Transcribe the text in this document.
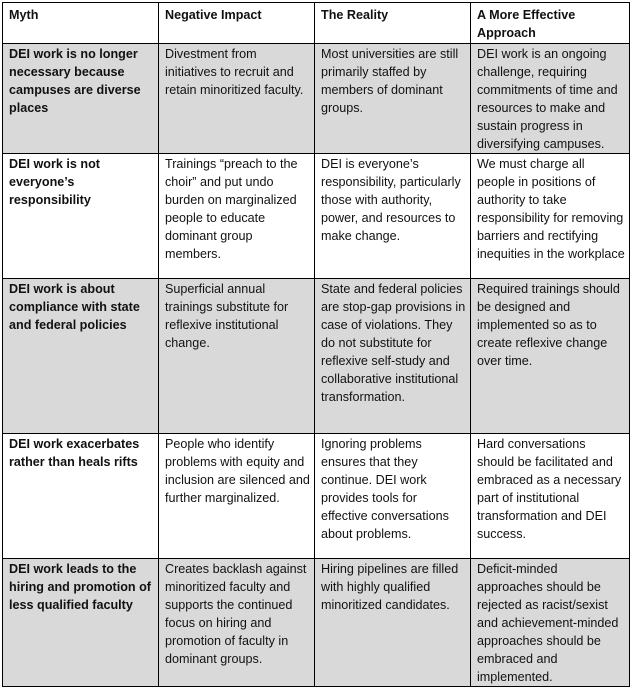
Myth	Negative Impact	The Reality	A More Effective Approach
DEI work is no longer necessary because campuses are diverse places	Divestment from initiatives to recruit and retain minoritized faculty.	Most universities are still primarily staffed by members of dominant groups.	DEI work is an ongoing challenge, requiring commitments of time and resources to make and sustain progress in diversifying campuses.
DEI work is not everyone’s responsibility	Trainings “preach to the choir” and put undo burden on marginalized people to educate dominant group members.	DEI is everyone’s responsibility, particularly those with authority, power, and resources to make change.	We must charge all people in positions of authority to take responsibility for removing barriers and rectifying inequities in the workplace
DEI work is about compliance with state and federal policies	Superficial annual trainings substitute for reflexive institutional change.	State and federal policies are stop-gap provisions in case of violations. They do not substitute for reflexive self-study and collaborative institutional transformation.	Required trainings should be designed and implemented so as to create reflexive change over time.
DEI work exacerbates rather than heals rifts	People who identify problems with equity and inclusion are silenced and further marginalized.	Ignoring problems ensures that they continue. DEI work provides tools for effective conversations about problems.	Hard conversations should be facilitated and embraced as a necessary part of institutional transformation and DEI success.
DEI work leads to the hiring and promotion of less qualified faculty	Creates backlash against minoritized faculty and supports the continued focus on hiring and promotion of faculty in dominant groups.	Hiring pipelines are filled with highly qualified minoritized candidates.	Deficit-minded approaches should be rejected as racist/sexist and achievement-minded approaches should be embraced and implemented.
